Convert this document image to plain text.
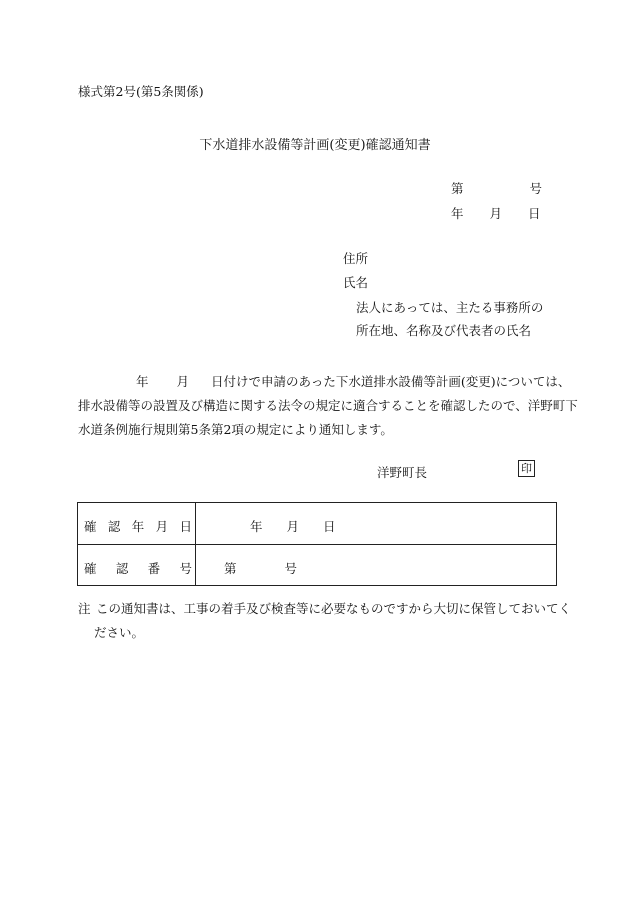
様式第2号(第5条関係)
下水道排水設備等計画(変更)確認通知書
第	号
年 月 日
住所
氏名
法人にあっては、主たる事務所の
所在地、名称及び代表者の氏名
年 月 日付けで申請のあった下水道排水設備等計画(変更)については、
排水設備等の設置及び構造に関する法令の規定に適合することを確認したので、洋野町下
水道条例施行規則第5条第2項の規定により通知します。
洋野町長	印
確 認 年 月 日	年 月 日
確 認 番 号	第	号
注 この通知書は、工事の着手及び検査等に必要なものですから大切に保管しておいてく
ださい。
